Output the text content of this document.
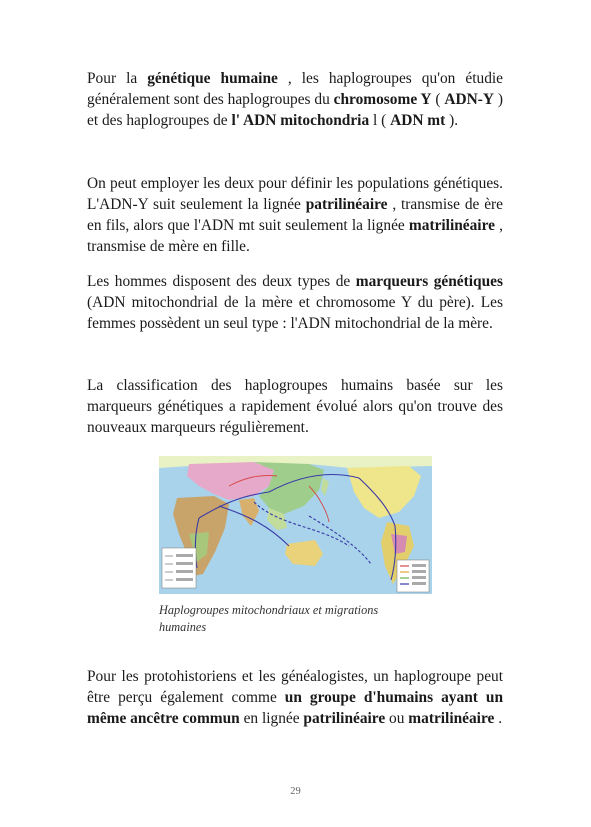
Pour la génétique humaine , les haplogroupes qu'on étudie généralement sont des haplogroupes du chromosome Y ( ADN-Y ) et des haplogroupes de l' ADN mitochondria l ( ADN mt ).

On peut employer les deux pour définir les populations génétiques. L'ADN-Y suit seulement la lignée patrilinéaire , transmise de ère en fils, alors que l'ADN mt suit seulement la lignée matrilinéaire , transmise de mère en fille.

Les hommes disposent des deux types de marqueurs génétiques (ADN mitochondrial de la mère et chromosome Y du père). Les femmes possèdent un seul type : l'ADN mitochondrial de la mère.

La classification des haplogroupes humains basée sur les marqueurs génétiques a rapidement évolué alors qu'on trouve des nouveaux marqueurs régulièrement.

Haplogroupes mitochondriaux et migrations humaines

Pour les protohistoriens et les généalogistes, un haplogroupe peut être perçu également comme un groupe d'humains ayant un même ancêtre commun en lignée patrilinéaire ou matrilinéaire .

29
